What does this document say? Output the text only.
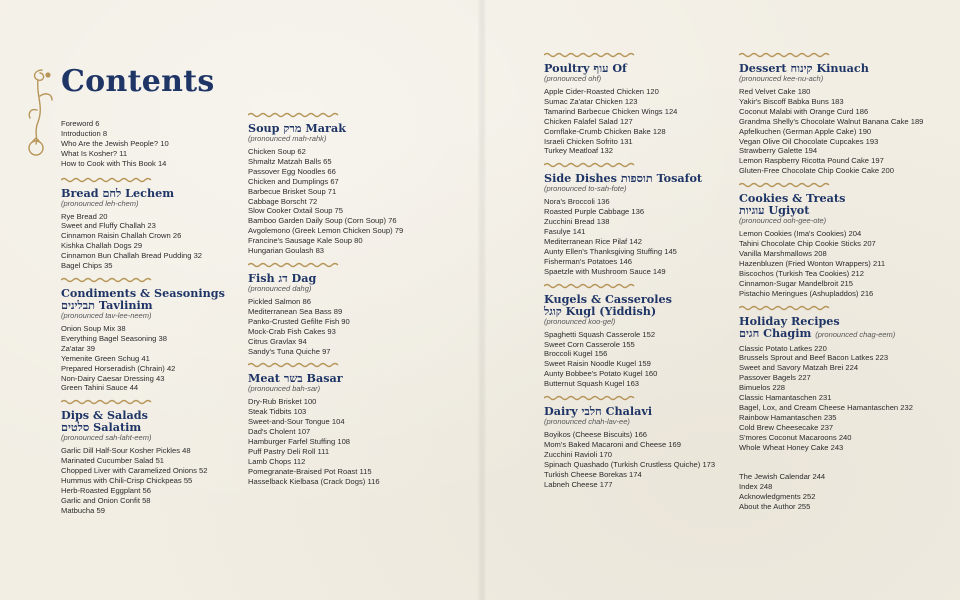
Contents
Foreword 6
Introduction 8
Who Are the Jewish People? 10
What Is Kosher? 11
How to Cook with This Book 14
Bread לחם Lechem
(pronounced leh-chem)
Rye Bread 20
Sweet and Fluffy Challah 23
Cinnamon Raisin Challah Crown 26
Kishka Challah Dogs 29
Cinnamon Bun Challah Bread Pudding 32
Bagel Chips 35
Condiments & Seasonings
תבלינים Tavlinim
(pronounced tav-lee-neem)
Onion Soup Mix 38
Everything Bagel Seasoning 38
Za'atar 39
Yemenite Green Schug 41
Prepared Horseradish (Chrain) 42
Non-Dairy Caesar Dressing 43
Green Tahini Sauce 44
Dips & Salads
סלטים Salatim
(pronounced sah-laht-eem)
Garlic Dill Half-Sour Kosher Pickles 48
Marinated Cucumber Salad 51
Chopped Liver with Caramelized Onions 52
Hummus with Chili-Crisp Chickpeas 55
Herb-Roasted Eggplant 56
Garlic and Onion Confit 58
Matbucha 59
Soup מרק Marak
(pronounced mah-rahk)
Chicken Soup 62
Shmaltz Matzah Balls 65
Passover Egg Noodles 66
Chicken and Dumplings 67
Barbecue Brisket Soup 71
Cabbage Borscht 72
Slow Cooker Oxtail Soup 75
Bamboo Garden Daily Soup (Corn Soup) 76
Avgolemono (Greek Lemon Chicken Soup) 79
Francine's Sausage Kale Soup 80
Hungarian Goulash 83
Fish דג Dag
(pronounced dahg)
Pickled Salmon 86
Mediterranean Sea Bass 89
Panko-Crusted Gefilte Fish 90
Mock-Crab Fish Cakes 93
Citrus Gravlax 94
Sandy's Tuna Quiche 97
Meat בשר Basar
(pronounced bah-sar)
Dry-Rub Brisket 100
Steak Tidbits 103
Sweet-and-Sour Tongue 104
Dad's Cholent 107
Hamburger Farfel Stuffing 108
Puff Pastry Deli Roll 111
Lamb Chops 112
Pomegranate-Braised Pot Roast 115
Hasselback Kielbasa (Crack Dogs) 116
Poultry עוף Of
(pronounced ohf)
Apple Cider-Roasted Chicken 120
Sumac Za'atar Chicken 123
Tamarind Barbecue Chicken Wings 124
Chicken Falafel Salad 127
Cornflake-Crumb Chicken Bake 128
Israeli Chicken Sofrito 131
Turkey Meatloaf 132
Side Dishes תוספות Tosafot
(pronounced to-sah-fote)
Nora's Broccoli 136
Roasted Purple Cabbage 136
Zucchini Bread 138
Fasulye 141
Mediterranean Rice Pilaf 142
Aunty Ellen's Thanksgiving Stuffing 145
Fisherman's Potatoes 146
Spaetzle with Mushroom Sauce 149
Kugels & Casseroles
קוגל Kugl (Yiddish)
(pronounced koo-gel)
Spaghetti Squash Casserole 152
Sweet Corn Casserole 155
Broccoli Kugel 156
Sweet Raisin Noodle Kugel 159
Aunty Bobbee's Potato Kugel 160
Butternut Squash Kugel 163
Dairy חלבי Chalavi
(pronounced chah-lav-ee)
Boyikos (Cheese Biscuits) 166
Mom's Baked Macaroni and Cheese 169
Zucchini Ravioli 170
Spinach Quashado (Turkish Crustless Quiche) 173
Turkish Cheese Borekas 174
Labneh Cheese 177
Dessert קינוח Kinuach
(pronounced kee-nu-ach)
Red Velvet Cake 180
Yakir's Biscoff Babka Buns 183
Coconut Malabi with Orange Curd 186
Grandma Shelly's Chocolate Walnut Banana Cake 189
Apfelkuchen (German Apple Cake) 190
Vegan Olive Oil Chocolate Cupcakes 193
Strawberry Galette 194
Lemon Raspberry Ricotta Pound Cake 197
Gluten-Free Chocolate Chip Cookie Cake 200
Cookies & Treats
עוגיות Ugiyot
(pronounced ooh-gee-ote)
Lemon Cookies (Ima's Cookies) 204
Tahini Chocolate Chip Cookie Sticks 207
Vanilla Marshmallows 208
Hazenbluzen (Fried Wonton Wrappers) 211
Biscochos (Turkish Tea Cookies) 212
Cinnamon-Sugar Mandelbroit 215
Pistachio Meringues (Ashupladdos) 216
Holiday Recipes
חגים Chagim (pronounced chag-eem)
Classic Potato Latkes 220
Brussels Sprout and Beef Bacon Latkes 223
Sweet and Savory Matzah Brei 224
Passover Bagels 227
Bimuelos 228
Classic Hamantaschen 231
Bagel, Lox, and Cream Cheese Hamantaschen 232
Rainbow Hamantaschen 235
Cold Brew Cheesecake 237
S'mores Coconut Macaroons 240
Whole Wheat Honey Cake 243
The Jewish Calendar 244
Index 248
Acknowledgments 252
About the Author 255
